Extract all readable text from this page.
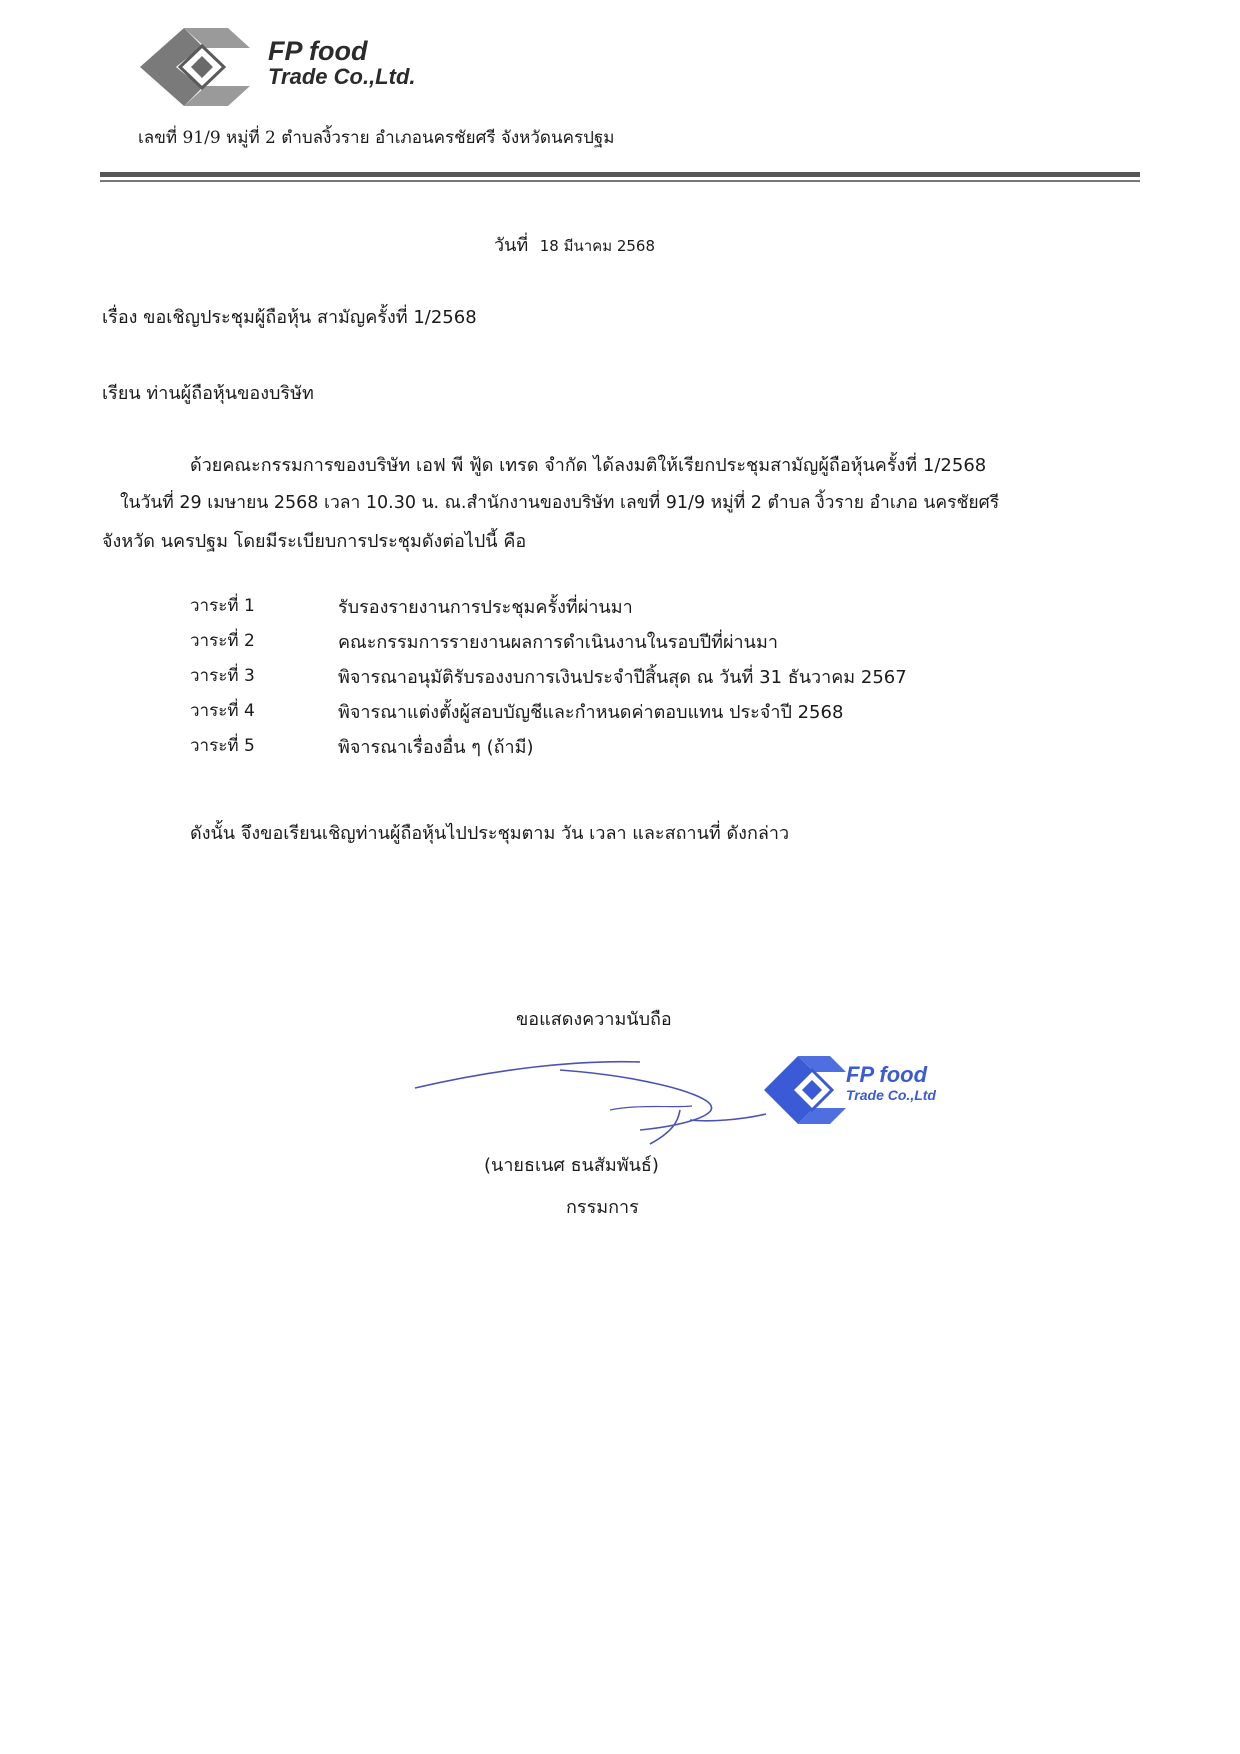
FP food
Trade Co.,Ltd.
เลขที่ 91/9 หมู่ที่ 2 ตำบลงิ้วราย อำเภอนครชัยศรี จังหวัดนครปฐม
วันที่ 18 มีนาคม 2568
เรื่อง ขอเชิญประชุมผู้ถือหุ้น สามัญครั้งที่ 1/2568
เรียน ท่านผู้ถือหุ้นของบริษัท
ด้วยคณะกรรมการของบริษัท เอฟ พี ฟู้ด เทรด จำกัด ได้ลงมติให้เรียกประชุมสามัญผู้ถือหุ้นครั้งที่ 1/2568
ในวันที่ 29 เมษายน 2568 เวลา 10.30 น. ณ.สำนักงานของบริษัท เลขที่ 91/9 หมู่ที่ 2 ตำบล งิ้วราย อำเภอ นครชัยศรี
จังหวัด นครปฐม โดยมีระเบียบการประชุมดังต่อไปนี้ คือ
วาระที่ 1	รับรองรายงานการประชุมครั้งที่ผ่านมา
วาระที่ 2	คณะกรรมการรายงานผลการดำเนินงานในรอบปีที่ผ่านมา
วาระที่ 3	พิจารณาอนุมัติรับรองงบการเงินประจำปีสิ้นสุด ณ วันที่ 31 ธันวาคม 2567
วาระที่ 4	พิจารณาแต่งตั้งผู้สอบบัญชีและกำหนดค่าตอบแทน ประจำปี 2568
วาระที่ 5	พิจารณาเรื่องอื่น ๆ (ถ้ามี)
ดังนั้น จึงขอเรียนเชิญท่านผู้ถือหุ้นไปประชุมตาม วัน เวลา และสถานที่ ดังกล่าว
ขอแสดงความนับถือ
FP food
Trade Co.,Ltd
(นายธเนศ ธนสัมพันธ์)
กรรมการ
